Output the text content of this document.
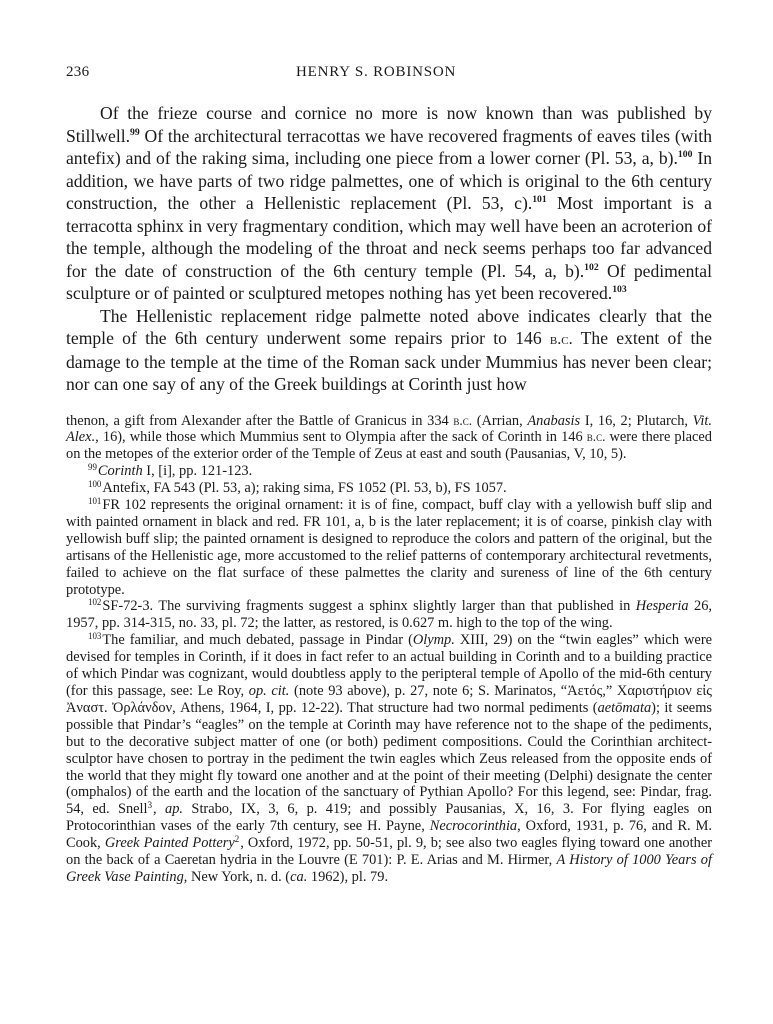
236	HENRY S. ROBINSON

Of the frieze course and cornice no more is now known than was published by Stillwell.$^{99}$ Of the architectural terracottas we have recovered fragments of eaves tiles (with antefix) and of the raking sima, including one piece from a lower corner (Pl. 53, a, b).$^{100}$ In addition, we have parts of two ridge palmettes, one of which is original to the 6th century construction, the other a Hellenistic replacement (Pl. 53, c).$^{101}$ Most important is a terracotta sphinx in very fragmentary condition, which may well have been an acroterion of the temple, although the modeling of the throat and neck seems perhaps too far advanced for the date of construction of the 6th century temple (Pl. 54, a, b).$^{102}$ Of pedimental sculpture or of painted or sculptured metopes nothing has yet been recovered.$^{103}$

The Hellenistic replacement ridge palmette noted above indicates clearly that the temple of the 6th century underwent some repairs prior to 146 b.c. The extent of the damage to the temple at the time of the Roman sack under Mummius has never been clear; nor can one say of any of the Greek buildings at Corinth just how

thenon, a gift from Alexander after the Battle of Granicus in 334 b.c. (Arrian, Anabasis I, 16, 2; Plutarch, Vit. Alex., 16), while those which Mummius sent to Olympia after the sack of Corinth in 146 b.c. were there placed on the metopes of the exterior order of the Temple of Zeus at east and south (Pausanias, V, 10, 5).

$^{99}$Corinth I, [i], pp. 121-123.

$^{100}$Antefix, FA 543 (Pl. 53, a); raking sima, FS 1052 (Pl. 53, b), FS 1057.

$^{101}$FR 102 represents the original ornament: it is of fine, compact, buff clay with a yellowish buff slip and with painted ornament in black and red. FR 101, a, b is the later replacement; it is of coarse, pinkish clay with yellowish buff slip; the painted ornament is designed to reproduce the colors and pattern of the original, but the artisans of the Hellenistic age, more accustomed to the relief patterns of contemporary architectural revetments, failed to achieve on the flat surface of these palmettes the clarity and sureness of line of the 6th century prototype.

$^{102}$SF-72-3. The surviving fragments suggest a sphinx slightly larger than that published in Hesperia 26, 1957, pp. 314-315, no. 33, pl. 72; the latter, as restored, is 0.627 m. high to the top of the wing.

$^{103}$The familiar, and much debated, passage in Pindar (Olymp. XIII, 29) on the “twin eagles” which were devised for temples in Corinth, if it does in fact refer to an actual building in Corinth and to a building practice of which Pindar was cognizant, would doubtless apply to the peripteral temple of Apollo of the mid-6th century (for this passage, see: Le Roy, op. cit. (note 93 above), p. 27, note 6; S. Marinatos, “Ἀετός,” Χαριστήριον εἰς Ἀναστ. Ὀρλάνδον, Athens, 1964, I, pp. 12-22). That structure had two normal pediments (aetōmata); it seems possible that Pindar’s “eagles” on the temple at Corinth may have reference not to the shape of the pediments, but to the decorative subject matter of one (or both) pediment compositions. Could the Corinthian architect-sculptor have chosen to portray in the pediment the twin eagles which Zeus released from the opposite ends of the world that they might fly toward one another and at the point of their meeting (Delphi) designate the center (omphalos) of the earth and the location of the sanctuary of Pythian Apollo? For this legend, see: Pindar, frag. 54, ed. Snell$^3$, ap. Strabo, IX, 3, 6, p. 419; and possibly Pausanias, X, 16, 3. For flying eagles on Protocorinthian vases of the early 7th century, see H. Payne, Necrocorinthia, Oxford, 1931, p. 76, and R. M. Cook, Greek Painted Pottery$^2$, Oxford, 1972, pp. 50-51, pl. 9, b; see also two eagles flying toward one another on the back of a Caeretan hydria in the Louvre (E 701): P. E. Arias and M. Hirmer, A History of 1000 Years of Greek Vase Painting, New York, n. d. (ca. 1962), pl. 79.
